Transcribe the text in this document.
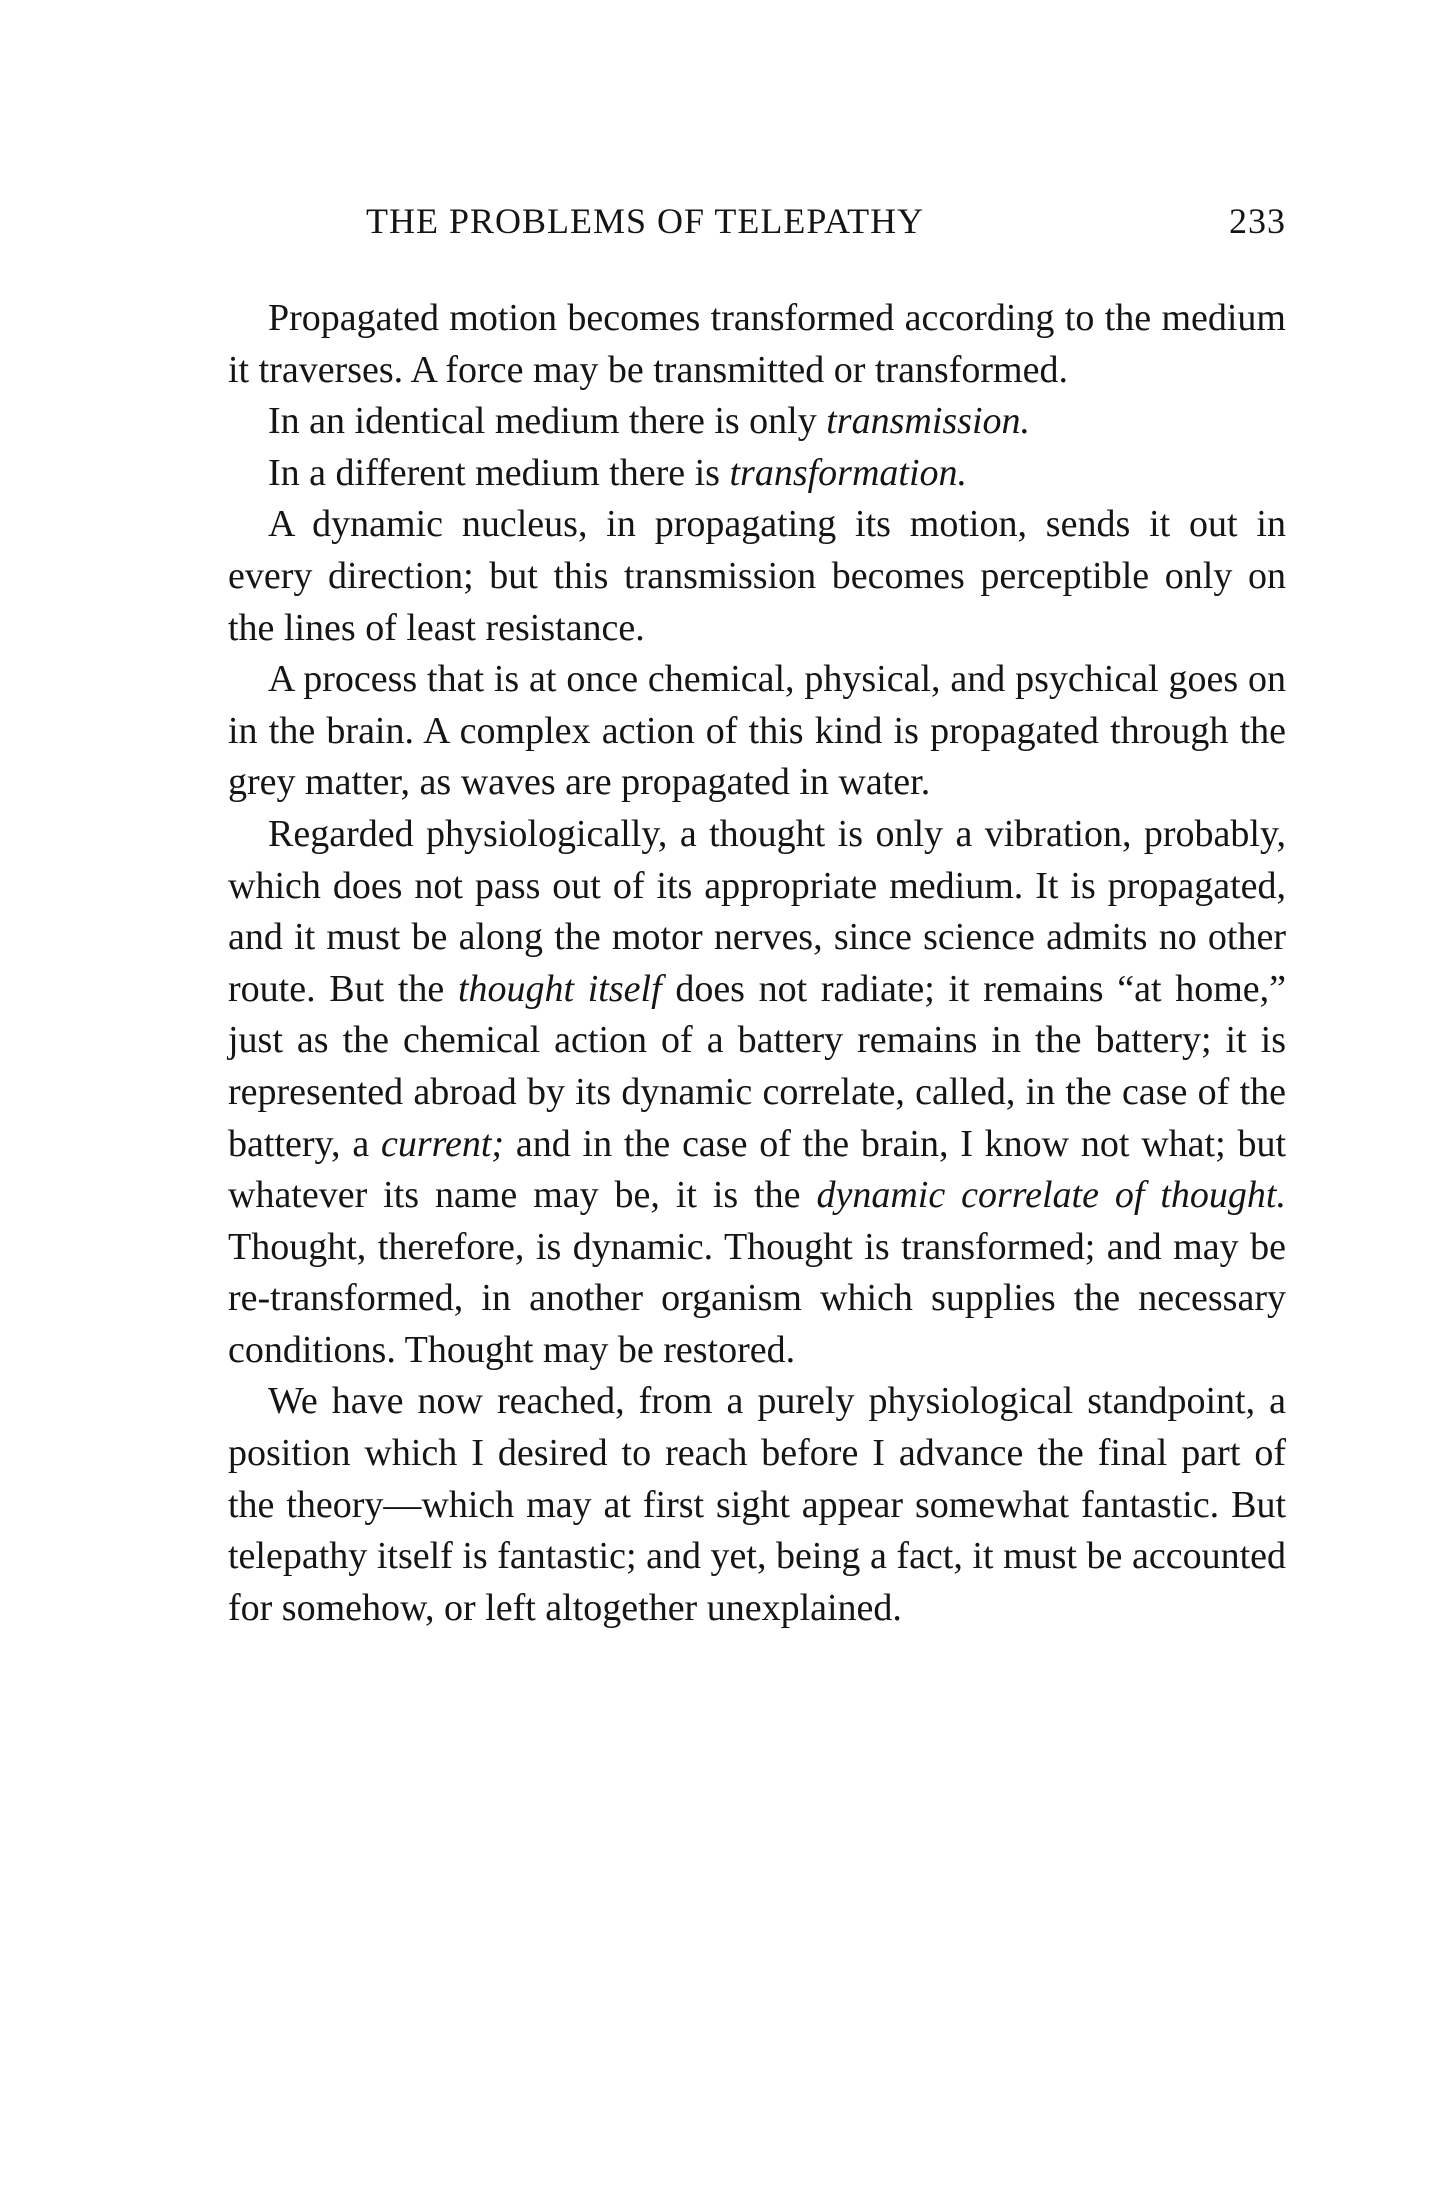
THE PROBLEMS OF TELEPATHY	233

Propagated motion becomes transformed according to the medium it traverses. A force may be transmitted or transformed.

In an identical medium there is only transmission.

In a different medium there is transformation.

A dynamic nucleus, in propagating its motion, sends it out in every direction; but this transmission becomes perceptible only on the lines of least resistance.

A process that is at once chemical, physical, and psychical goes on in the brain. A complex action of this kind is propagated through the grey matter, as waves are propagated in water.

Regarded physiologically, a thought is only a vibration, probably, which does not pass out of its appropriate medium. It is propagated, and it must be along the motor nerves, since science admits no other route. But the thought itself does not radiate; it remains “at home,” just as the chemical action of a battery remains in the battery; it is represented abroad by its dynamic correlate, called, in the case of the battery, a current; and in the case of the brain, I know not what; but whatever its name may be, it is the dynamic correlate of thought. Thought, therefore, is dynamic. Thought is transformed; and may be re-transformed, in another organism which supplies the necessary conditions. Thought may be restored.

We have now reached, from a purely physiological standpoint, a position which I desired to reach before I advance the final part of the theory—which may at first sight appear somewhat fantastic. But telepathy itself is fantastic; and yet, being a fact, it must be accounted for somehow, or left altogether unexplained.
